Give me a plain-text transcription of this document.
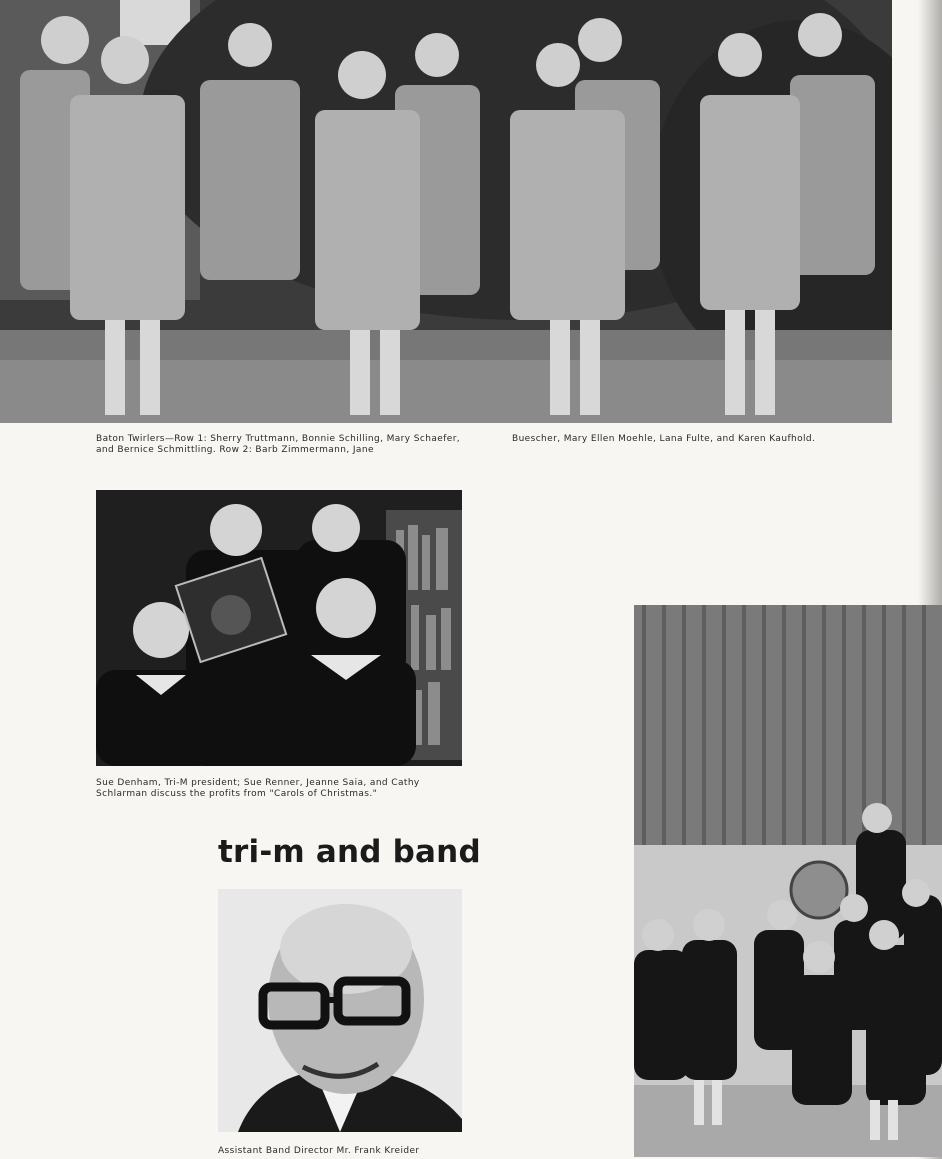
Baton Twirlers—Row 1: Sherry Truttmann, Bonnie Schilling, Mary Schaefer, and Bernice Schmittling. Row 2: Barb Zimmermann, Jane

Buescher, Mary Ellen Moehle, Lana Fulte, and Karen Kaufhold.

Sue Denham, Tri-M president; Sue Renner, Jeanne Saia, and Cathy Schlarman discuss the profits from "Carols of Christmas."

tri-m and band

Assistant Band Director Mr. Frank Kreider
